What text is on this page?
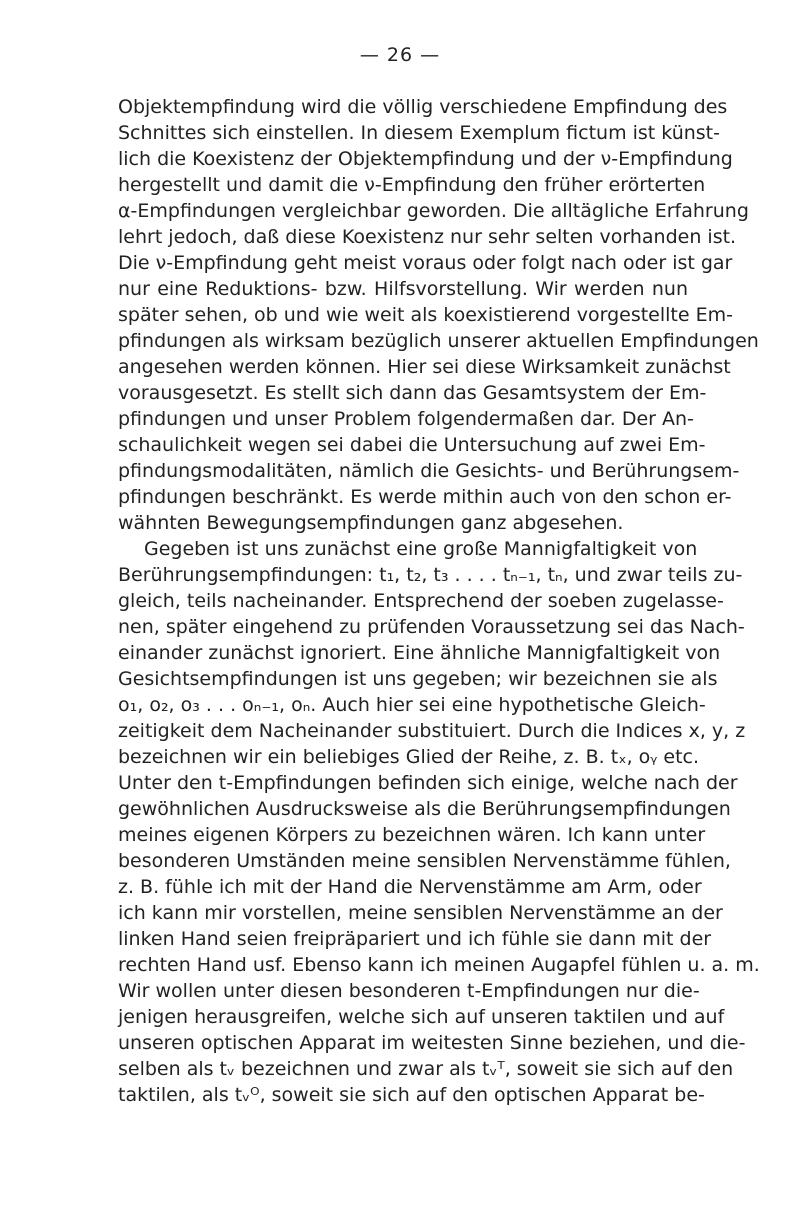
— 26 —
Objektempfindung wird die völlig verschiedene Empfindung des
Schnittes sich einstellen. In diesem Exemplum fictum ist künst-
lich die Koexistenz der Objektempfindung und der ν-Empfindung
hergestellt und damit die ν-Empfindung den früher erörterten
α-Empfindungen vergleichbar geworden. Die alltägliche Erfahrung
lehrt jedoch, daß diese Koexistenz nur sehr selten vorhanden ist.
Die ν-Empfindung geht meist voraus oder folgt nach oder ist gar
nur eine Reduktions- bzw. Hilfsvorstellung. Wir werden nun
später sehen, ob und wie weit als koexistierend vorgestellte Em-
pfindungen als wirksam bezüglich unserer aktuellen Empfindungen
angesehen werden können. Hier sei diese Wirksamkeit zunächst
vorausgesetzt. Es stellt sich dann das Gesamtsystem der Em-
pfindungen und unser Problem folgendermaßen dar. Der An-
schaulichkeit wegen sei dabei die Untersuchung auf zwei Em-
pfindungsmodalitäten, nämlich die Gesichts- und Berührungsem-
pfindungen beschränkt. Es werde mithin auch von den schon er-
wähnten Bewegungsempfindungen ganz abgesehen.
Gegeben ist uns zunächst eine große Mannigfaltigkeit von
Berührungsempfindungen: t₁, t₂, t₃ . . . . tₙ₋₁, tₙ, und zwar teils zu-
gleich, teils nacheinander. Entsprechend der soeben zugelasse-
nen, später eingehend zu prüfenden Voraussetzung sei das Nach-
einander zunächst ignoriert. Eine ähnliche Mannigfaltigkeit von
Gesichtsempfindungen ist uns gegeben; wir bezeichnen sie als
o₁, o₂, o₃ . . . oₙ₋₁, oₙ. Auch hier sei eine hypothetische Gleich-
zeitigkeit dem Nacheinander substituiert. Durch die Indices x, y, z
bezeichnen wir ein beliebiges Glied der Reihe, z. B. tₓ, oᵧ etc.
Unter den t-Empfindungen befinden sich einige, welche nach der
gewöhnlichen Ausdrucksweise als die Berührungsempfindungen
meines eigenen Körpers zu bezeichnen wären. Ich kann unter
besonderen Umständen meine sensiblen Nervenstämme fühlen,
z. B. fühle ich mit der Hand die Nervenstämme am Arm, oder
ich kann mir vorstellen, meine sensiblen Nervenstämme an der
linken Hand seien freipräpariert und ich fühle sie dann mit der
rechten Hand usf. Ebenso kann ich meinen Augapfel fühlen u. a. m.
Wir wollen unter diesen besonderen t-Empfindungen nur die-
jenigen herausgreifen, welche sich auf unseren taktilen und auf
unseren optischen Apparat im weitesten Sinne beziehen, und die-
selben als tᵥ bezeichnen und zwar als tᵥᵀ, soweit sie sich auf den
taktilen, als tᵥᴼ, soweit sie sich auf den optischen Apparat be-
